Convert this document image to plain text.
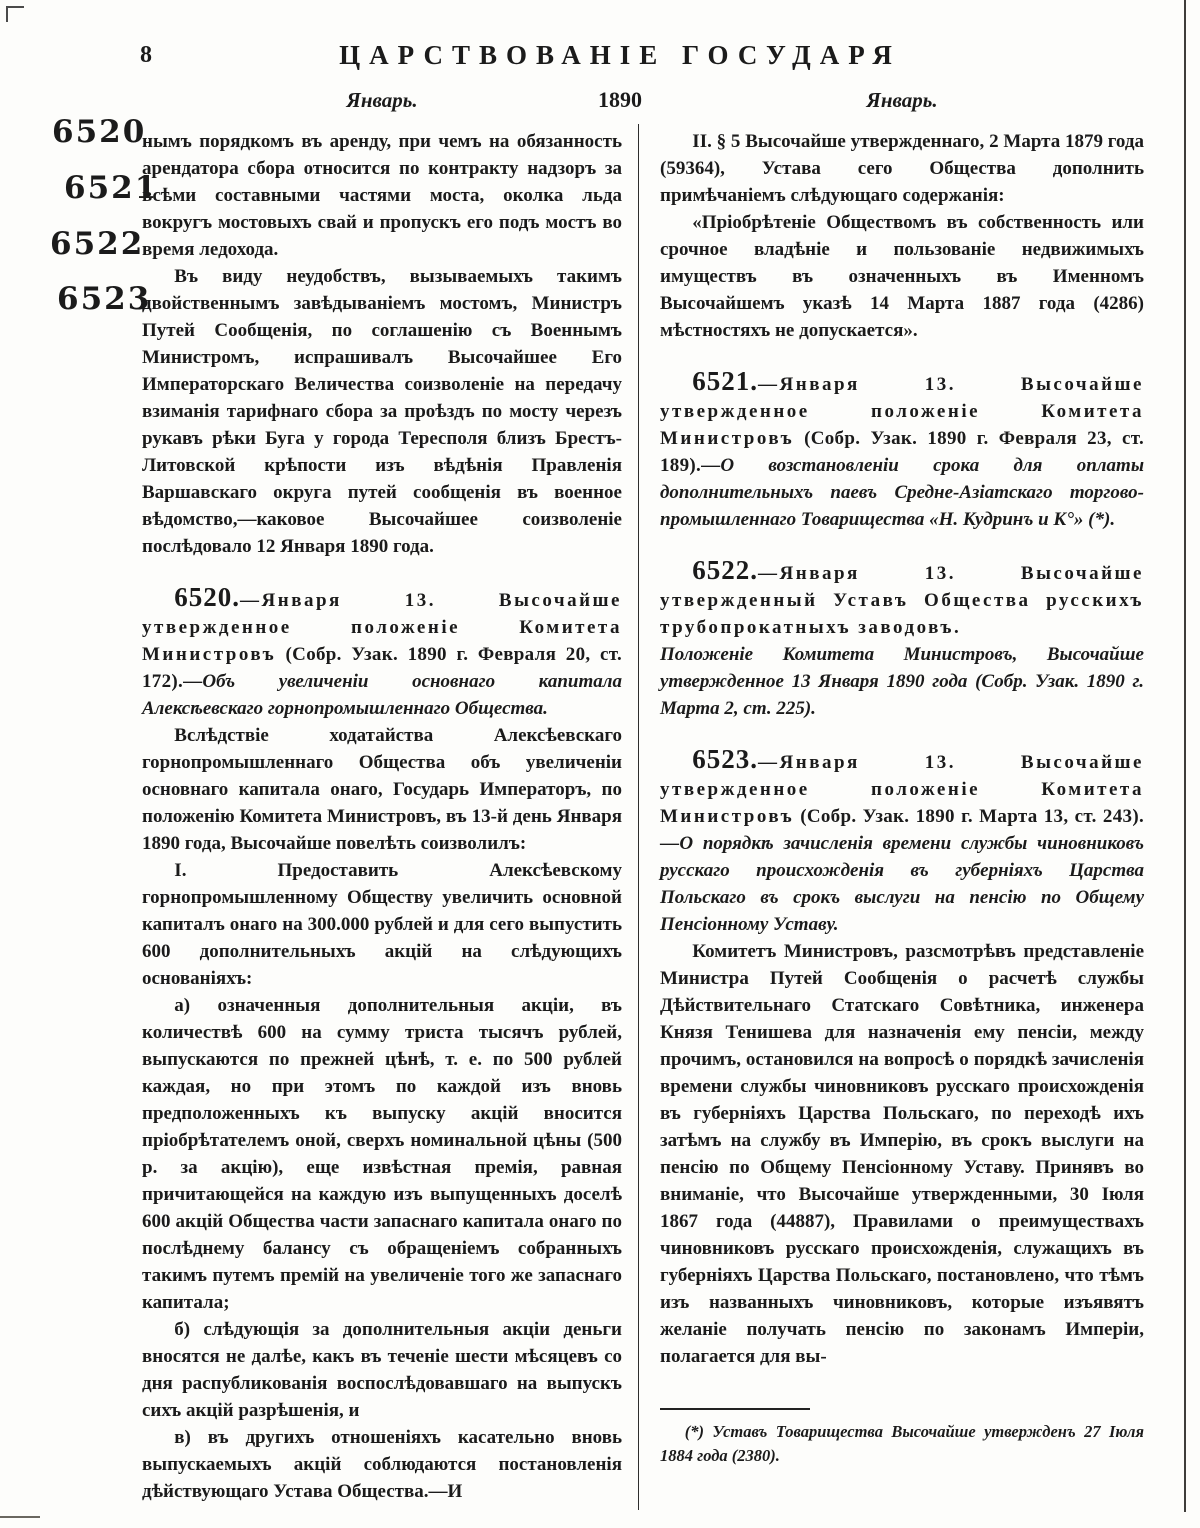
8	ЦАРСТВОВАНІЕ ГОСУДАРЯ
Январь.	1890	Январь.
6520
6521
6522
6523

нымъ порядкомъ въ аренду, при чемъ на обязанность арендатора сбора относится по контракту надзоръ за всѣми составными частями моста, околка льда вокругъ мостовыхъ свай и пропускъ его подъ мостъ во время ледохода.

Въ виду неудобствъ, вызываемыхъ такимъ двойственнымъ завѣдываніемъ мостомъ, Министръ Путей Сообщенія, по соглашенію съ Военнымъ Министромъ, испрашивалъ Высочайшее Его Императорскаго Величества соизволеніе на передачу взиманія тарифнаго сбора за проѣздъ по мосту черезъ рукавъ рѣки Буга у города Тересполя близъ Брестъ-Литовской крѣпости изъ вѣдѣнія Правленія Варшавскаго округа путей сообщенія въ военное вѣдомство,—каковое Высочайшее соизволеніе послѣдовало 12 Января 1890 года.

6520.—Января 13. Высочайше утвержденное положеніе Комитета Министровъ (Собр. Узак. 1890 г. Февраля 20, ст. 172).—Объ увеличеніи основнаго капитала Алексѣевскаго горнопромышленнаго Общества.

Вслѣдствіе ходатайства Алексѣевскаго горнопромышленнаго Общества объ увеличеніи основнаго капитала онаго, Государь Императоръ, по положенію Комитета Министровъ, въ 13-й день Января 1890 года, Высочайше повелѣть соизволилъ:

I. Предоставить Алексѣевскому горнопромышленному Обществу увеличить основной капиталъ онаго на 300.000 рублей и для сего выпустить 600 дополнительныхъ акцій на слѣдующихъ основаніяхъ:

а) означенныя дополнительныя акціи, въ количествѣ 600 на сумму триста тысячъ рублей, выпускаются по прежней цѣнѣ, т. е. по 500 рублей каждая, но при этомъ по каждой изъ вновь предположенныхъ къ выпуску акцій вносится пріобрѣтателемъ оной, сверхъ номинальной цѣны (500 р. за акцію), еще извѣстная премія, равная причитающейся на каждую изъ выпущенныхъ доселѣ 600 акцій Общества части запаснаго капитала онаго по послѣднему балансу съ обращеніемъ собранныхъ такимъ путемъ премій на увеличеніе того же запаснаго капитала;

б) слѣдующія за дополнительныя акціи деньги вносятся не далѣе, какъ въ теченіе шести мѣсяцевъ со дня распубликованія воспослѣдовавшаго на выпускъ сихъ акцій разрѣшенія, и

в) въ другихъ отношеніяхъ касательно вновь выпускаемыхъ акцій соблюдаются постановленія дѣйствующаго Устава Общества.—И

II. § 5 Высочайше утвержденнаго, 2 Марта 1879 года (59364), Устава сего Общества дополнить примѣчаніемъ слѣдующаго содержанія:

«Пріобрѣтеніе Обществомъ въ собственность или срочное владѣніе и пользованіе недвижимыхъ имуществъ въ означенныхъ въ Именномъ Высочайшемъ указѣ 14 Марта 1887 года (4286) мѣстностяхъ не допускается».

6521.—Января 13. Высочайше утвержденное положеніе Комитета Министровъ (Собр. Узак. 1890 г. Февраля 23, ст. 189).—О возстановленіи срока для оплаты дополнительныхъ паевъ Средне-Азіатскаго торгово-промышленнаго Товарищества «Н. Кудринъ и К°» (*).

6522.—Января 13. Высочайше утвержденный Уставъ Общества русскихъ трубопрокатныхъ заводовъ.

Положеніе Комитета Министровъ, Высочайше утвержденное 13 Января 1890 года (Собр. Узак. 1890 г. Марта 2, ст. 225).

6523.—Января 13. Высочайше утвержденное положеніе Комитета Министровъ (Собр. Узак. 1890 г. Марта 13, ст. 243).—О порядкѣ зачисленія времени службы чиновниковъ русскаго происхожденія въ губерніяхъ Царства Польскаго въ срокъ выслуги на пенсію по Общему Пенсіонному Уставу.

Комитетъ Министровъ, разсмотрѣвъ представленіе Министра Путей Сообщенія о расчетѣ службы Дѣйствительнаго Статскаго Совѣтника, инженера Князя Тенишева для назначенія ему пенсіи, между прочимъ, остановился на вопросѣ о порядкѣ зачисленія времени службы чиновниковъ русскаго происхожденія въ губерніяхъ Царства Польскаго, по переходѣ ихъ затѣмъ на службу въ Имперію, въ срокъ выслуги на пенсію по Общему Пенсіонному Уставу. Принявъ во вниманіе, что Высочайше утвержденными, 30 Іюля 1867 года (44887), Правилами о преимуществахъ чиновниковъ русскаго происхожденія, служащихъ въ губерніяхъ Царства Польскаго, постановлено, что тѣмъ изъ названныхъ чиновниковъ, которые изъявятъ желаніе получать пенсію по законамъ Имперіи, полагается для вы-

(*) Уставъ Товарищества Высочайше утвержденъ 27 Іюля 1884 года (2380).
